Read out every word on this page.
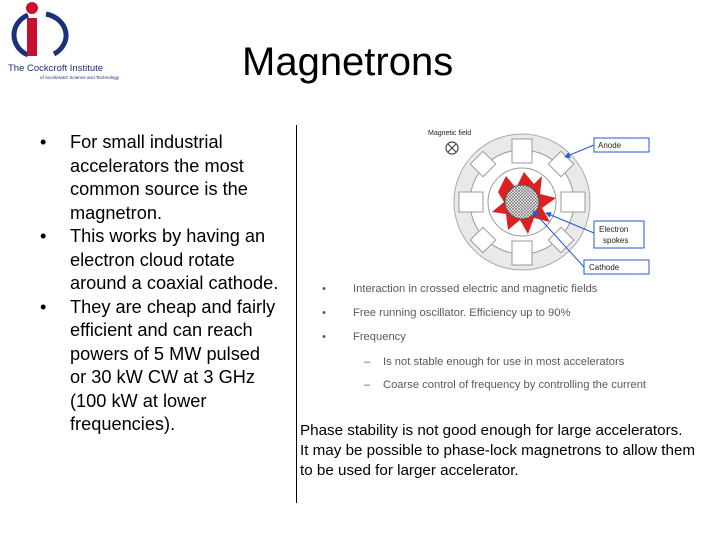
The Cockcroft Institute
of Accelerator Science and Technology	Magnetrons
• For small industrial accelerators the most common source is the magnetron.
• This works by having an electron cloud rotate around a coaxial cathode.
• They are cheap and fairly efficient and can reach powers of 5 MW pulsed or 30 kW CW at 3 GHz (100 kW at lower frequencies).
Magnetic field
Anode
Electron
spokes
Cathode
• Interaction in crossed electric and magnetic fields
• Free running oscillator. Efficiency up to 90%
• Frequency
– Is not stable enough for use in most accelerators
– Coarse control of frequency by controlling the current

Phase stability is not good enough for large accelerators.

It may be possible to phase-lock magnetrons to allow them to be used for larger accelerator.
